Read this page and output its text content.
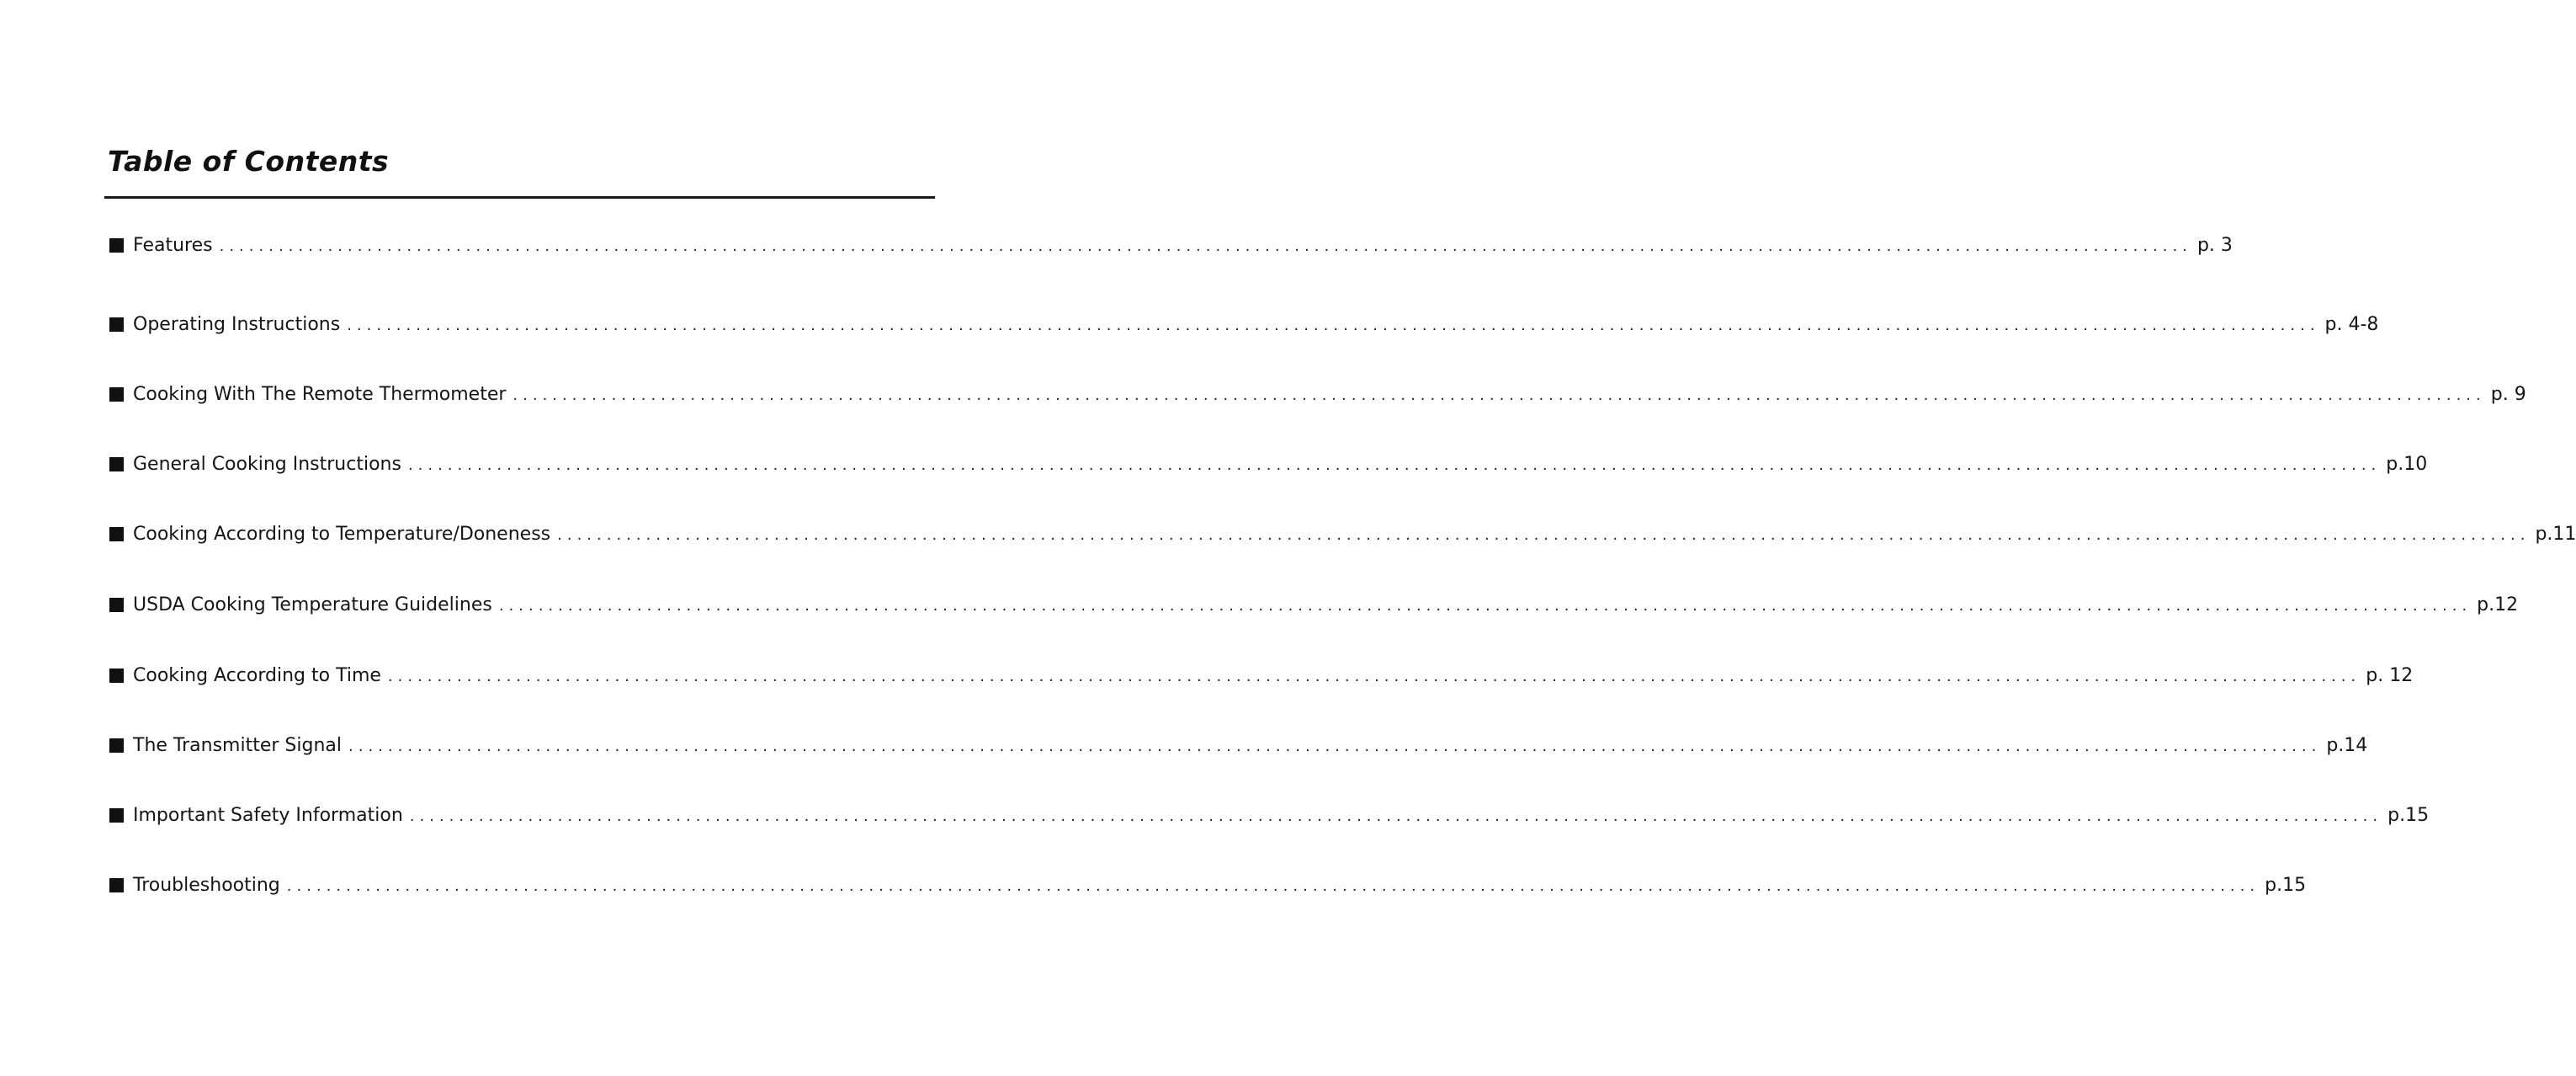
Table of Contents
Features ........................................................................................................................................................................................................ p. 3
Operating Instructions ........................................................................................................................................................................................................ p. 4-8
Cooking With The Remote Thermometer ........................................................................................................................................................................................................ p. 9
General Cooking Instructions ........................................................................................................................................................................................................ p.10
Cooking According to Temperature/Doneness ........................................................................................................................................................................................................ p.11
USDA Cooking Temperature Guidelines ........................................................................................................................................................................................................ p.12
Cooking According to Time ........................................................................................................................................................................................................ p. 12
The Transmitter Signal ........................................................................................................................................................................................................ p.14
Important Safety Information ........................................................................................................................................................................................................ p.15
Troubleshooting ........................................................................................................................................................................................................ p.15
